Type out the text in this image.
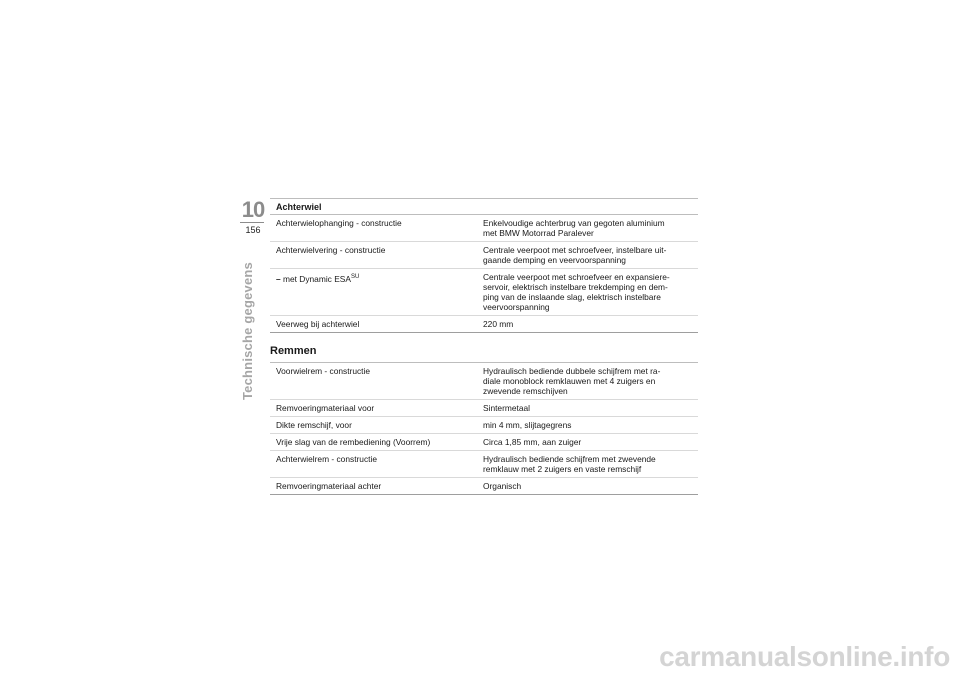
10
156
Technische gegevens
Achterwiel
Achterwielophanging - constructie	Enkelvoudige achterbrug van gegoten aluminium
met BMW Motorrad Paralever
Achterwielvering - constructie	Centrale veerpoot met schroefveer, instelbare uit-
gaande demping en veervoorspanning
– met Dynamic $ESA^{SU}$	Centrale veerpoot met schroefveer en expansiere-
servoir, elektrisch instelbare trekdemping en dem-
ping van de inslaande slag, elektrisch instelbare
veervoorspanning
Veerweg bij achterwiel	220 mm
Remmen
Voorwielrem - constructie	Hydraulisch bediende dubbele schijfrem met ra-
diale monoblock remklauwen met 4 zuigers en
zwevende remschijven
Remvoeringmateriaal voor	Sintermetaal
Dikte remschijf, voor	min 4 mm, slijtagegrens
Vrije slag van de rembediening (Voorrem)	Circa 1,85 mm, aan zuiger
Achterwielrem - constructie	Hydraulisch bediende schijfrem met zwevende
remklauw met 2 zuigers en vaste remschijf
Remvoeringmateriaal achter	Organisch
carmanualsonline.info
